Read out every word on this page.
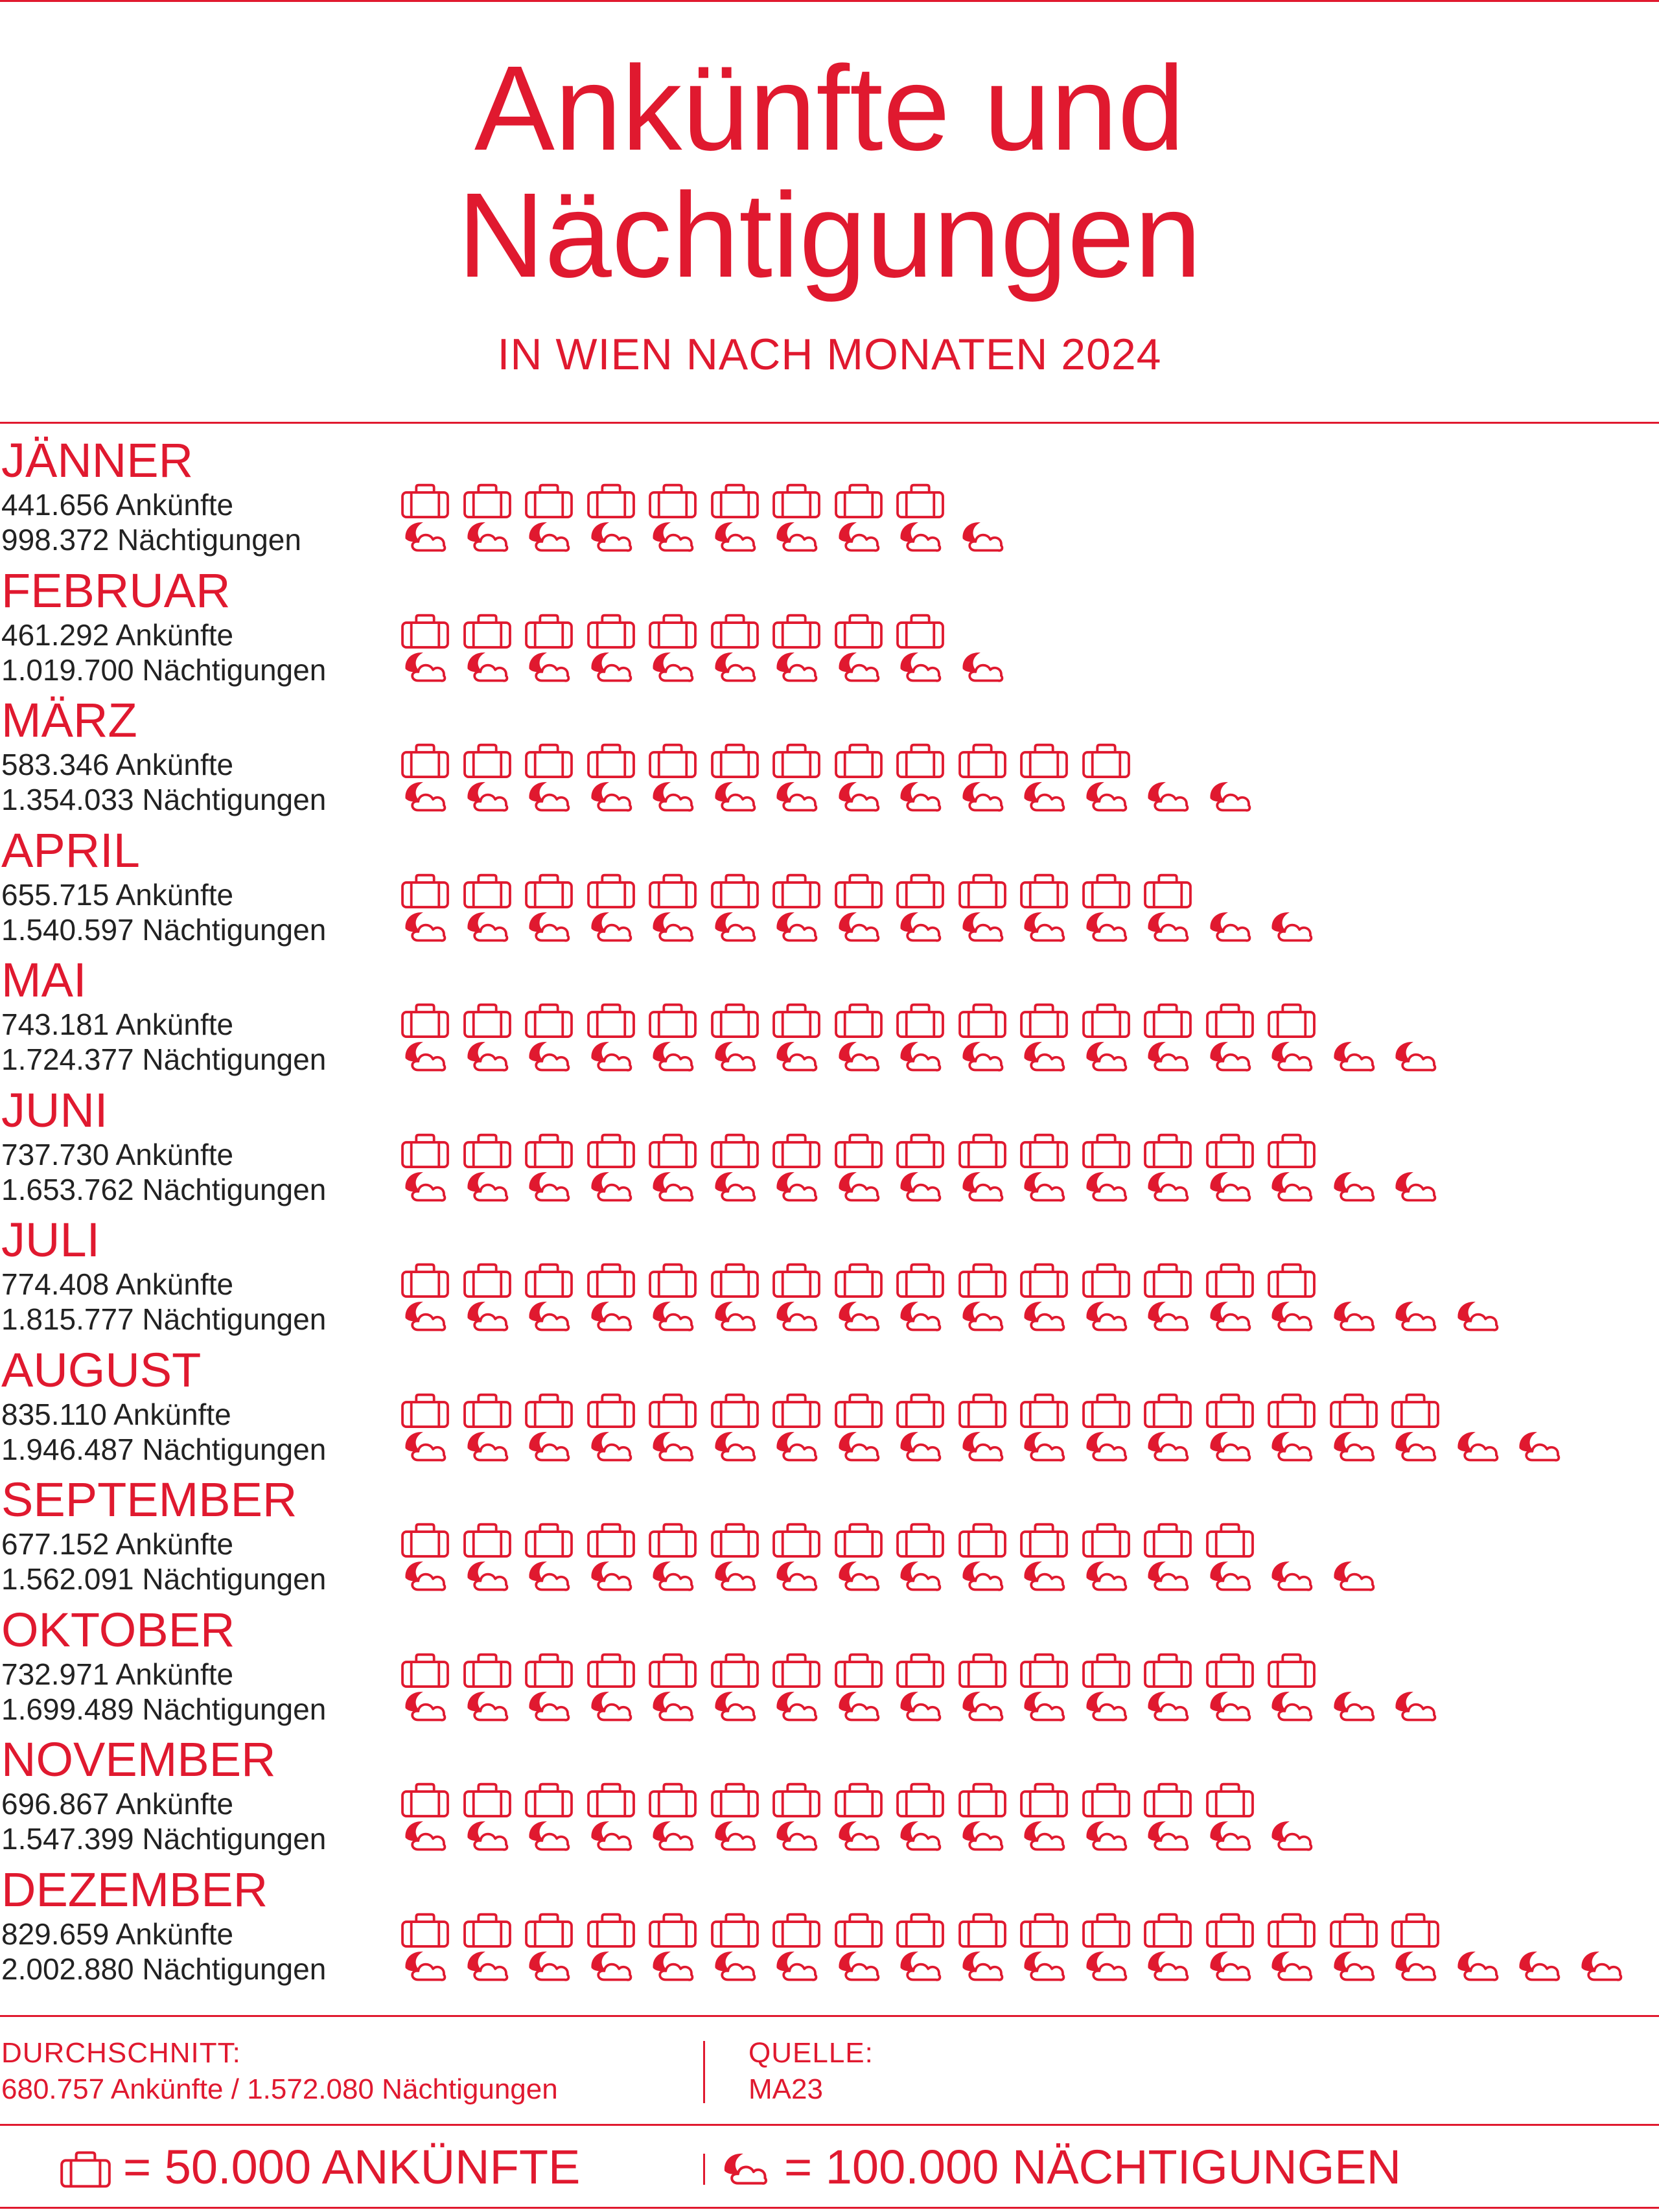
Ankünfte und
Nächtigungen
IN WIEN NACH MONATEN 2024
JÄNNER
441.656 Ankünfte
998.372 Nächtigungen
FEBRUAR
461.292 Ankünfte
1.019.700 Nächtigungen
MÄRZ
583.346 Ankünfte
1.354.033 Nächtigungen
APRIL
655.715 Ankünfte
1.540.597 Nächtigungen
MAI
743.181 Ankünfte
1.724.377 Nächtigungen
JUNI
737.730 Ankünfte
1.653.762 Nächtigungen
JULI
774.408 Ankünfte
1.815.777 Nächtigungen
AUGUST
835.110 Ankünfte
1.946.487 Nächtigungen
SEPTEMBER
677.152 Ankünfte
1.562.091 Nächtigungen
OKTOBER
732.971 Ankünfte
1.699.489 Nächtigungen
NOVEMBER
696.867 Ankünfte
1.547.399 Nächtigungen
DEZEMBER
829.659 Ankünfte
2.002.880 Nächtigungen
DURCHSCHNITT:
680.757 Ankünfte / 1.572.080 Nächtigungen
QUELLE:
MA23
= 50.000 ANKÜNFTE	= 100.000 NÄCHTIGUNGEN
